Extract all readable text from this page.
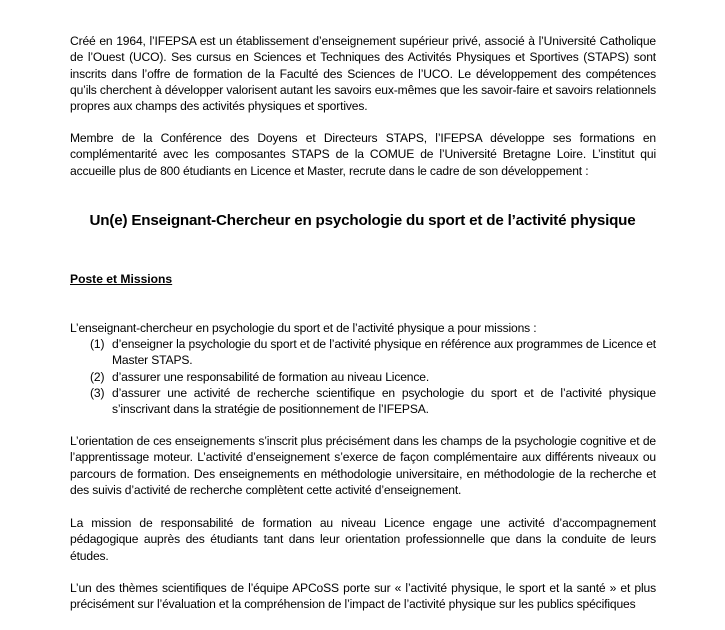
Créé en 1964, l’IFEPSA est un établissement d’enseignement supérieur privé, associé à l’Université Catholique de l’Ouest (UCO). Ses cursus en Sciences et Techniques des Activités Physiques et Sportives (STAPS) sont inscrits dans l’offre de formation de la Faculté des Sciences de l’UCO. Le développement des compétences qu’ils cherchent à développer valorisent autant les savoirs eux-mêmes que les savoir-faire et savoirs relationnels propres aux champs des activités physiques et sportives.

Membre de la Conférence des Doyens et Directeurs STAPS, l’IFEPSA développe ses formations en complémentarité avec les composantes STAPS de la COMUE de l’Université Bretagne Loire. L’institut qui accueille plus de 800 étudiants en Licence et Master, recrute dans le cadre de son développement :

Un(e) Enseignant-Chercheur en psychologie du sport et de l’activité physique
Poste et Missions

L’enseignant-chercheur en psychologie du sport et de l’activité physique a pour missions :

(1) d’enseigner la psychologie du sport et de l’activité physique en référence aux programmes de Licence et Master STAPS.
(2) d’assurer une responsabilité de formation au niveau Licence.
(3) d’assurer une activité de recherche scientifique en psychologie du sport et de l’activité physique s’inscrivant dans la stratégie de positionnement de l’IFEPSA.

L’orientation de ces enseignements s’inscrit plus précisément dans les champs de la psychologie cognitive et de l’apprentissage moteur. L’activité d’enseignement s’exerce de façon complémentaire aux différents niveaux ou parcours de formation. Des enseignements en méthodologie universitaire, en méthodologie de la recherche et des suivis d’activité de recherche complètent cette activité d’enseignement.

La mission de responsabilité de formation au niveau Licence engage une activité d’accompagnement pédagogique auprès des étudiants tant dans leur orientation professionnelle que dans la conduite de leurs études.

L’un des thèmes scientifiques de l’équipe APCoSS porte sur « l’activité physique, le sport et la santé » et plus précisément sur l’évaluation et la compréhension de l’impact de l’activité physique sur les publics spécifiques
